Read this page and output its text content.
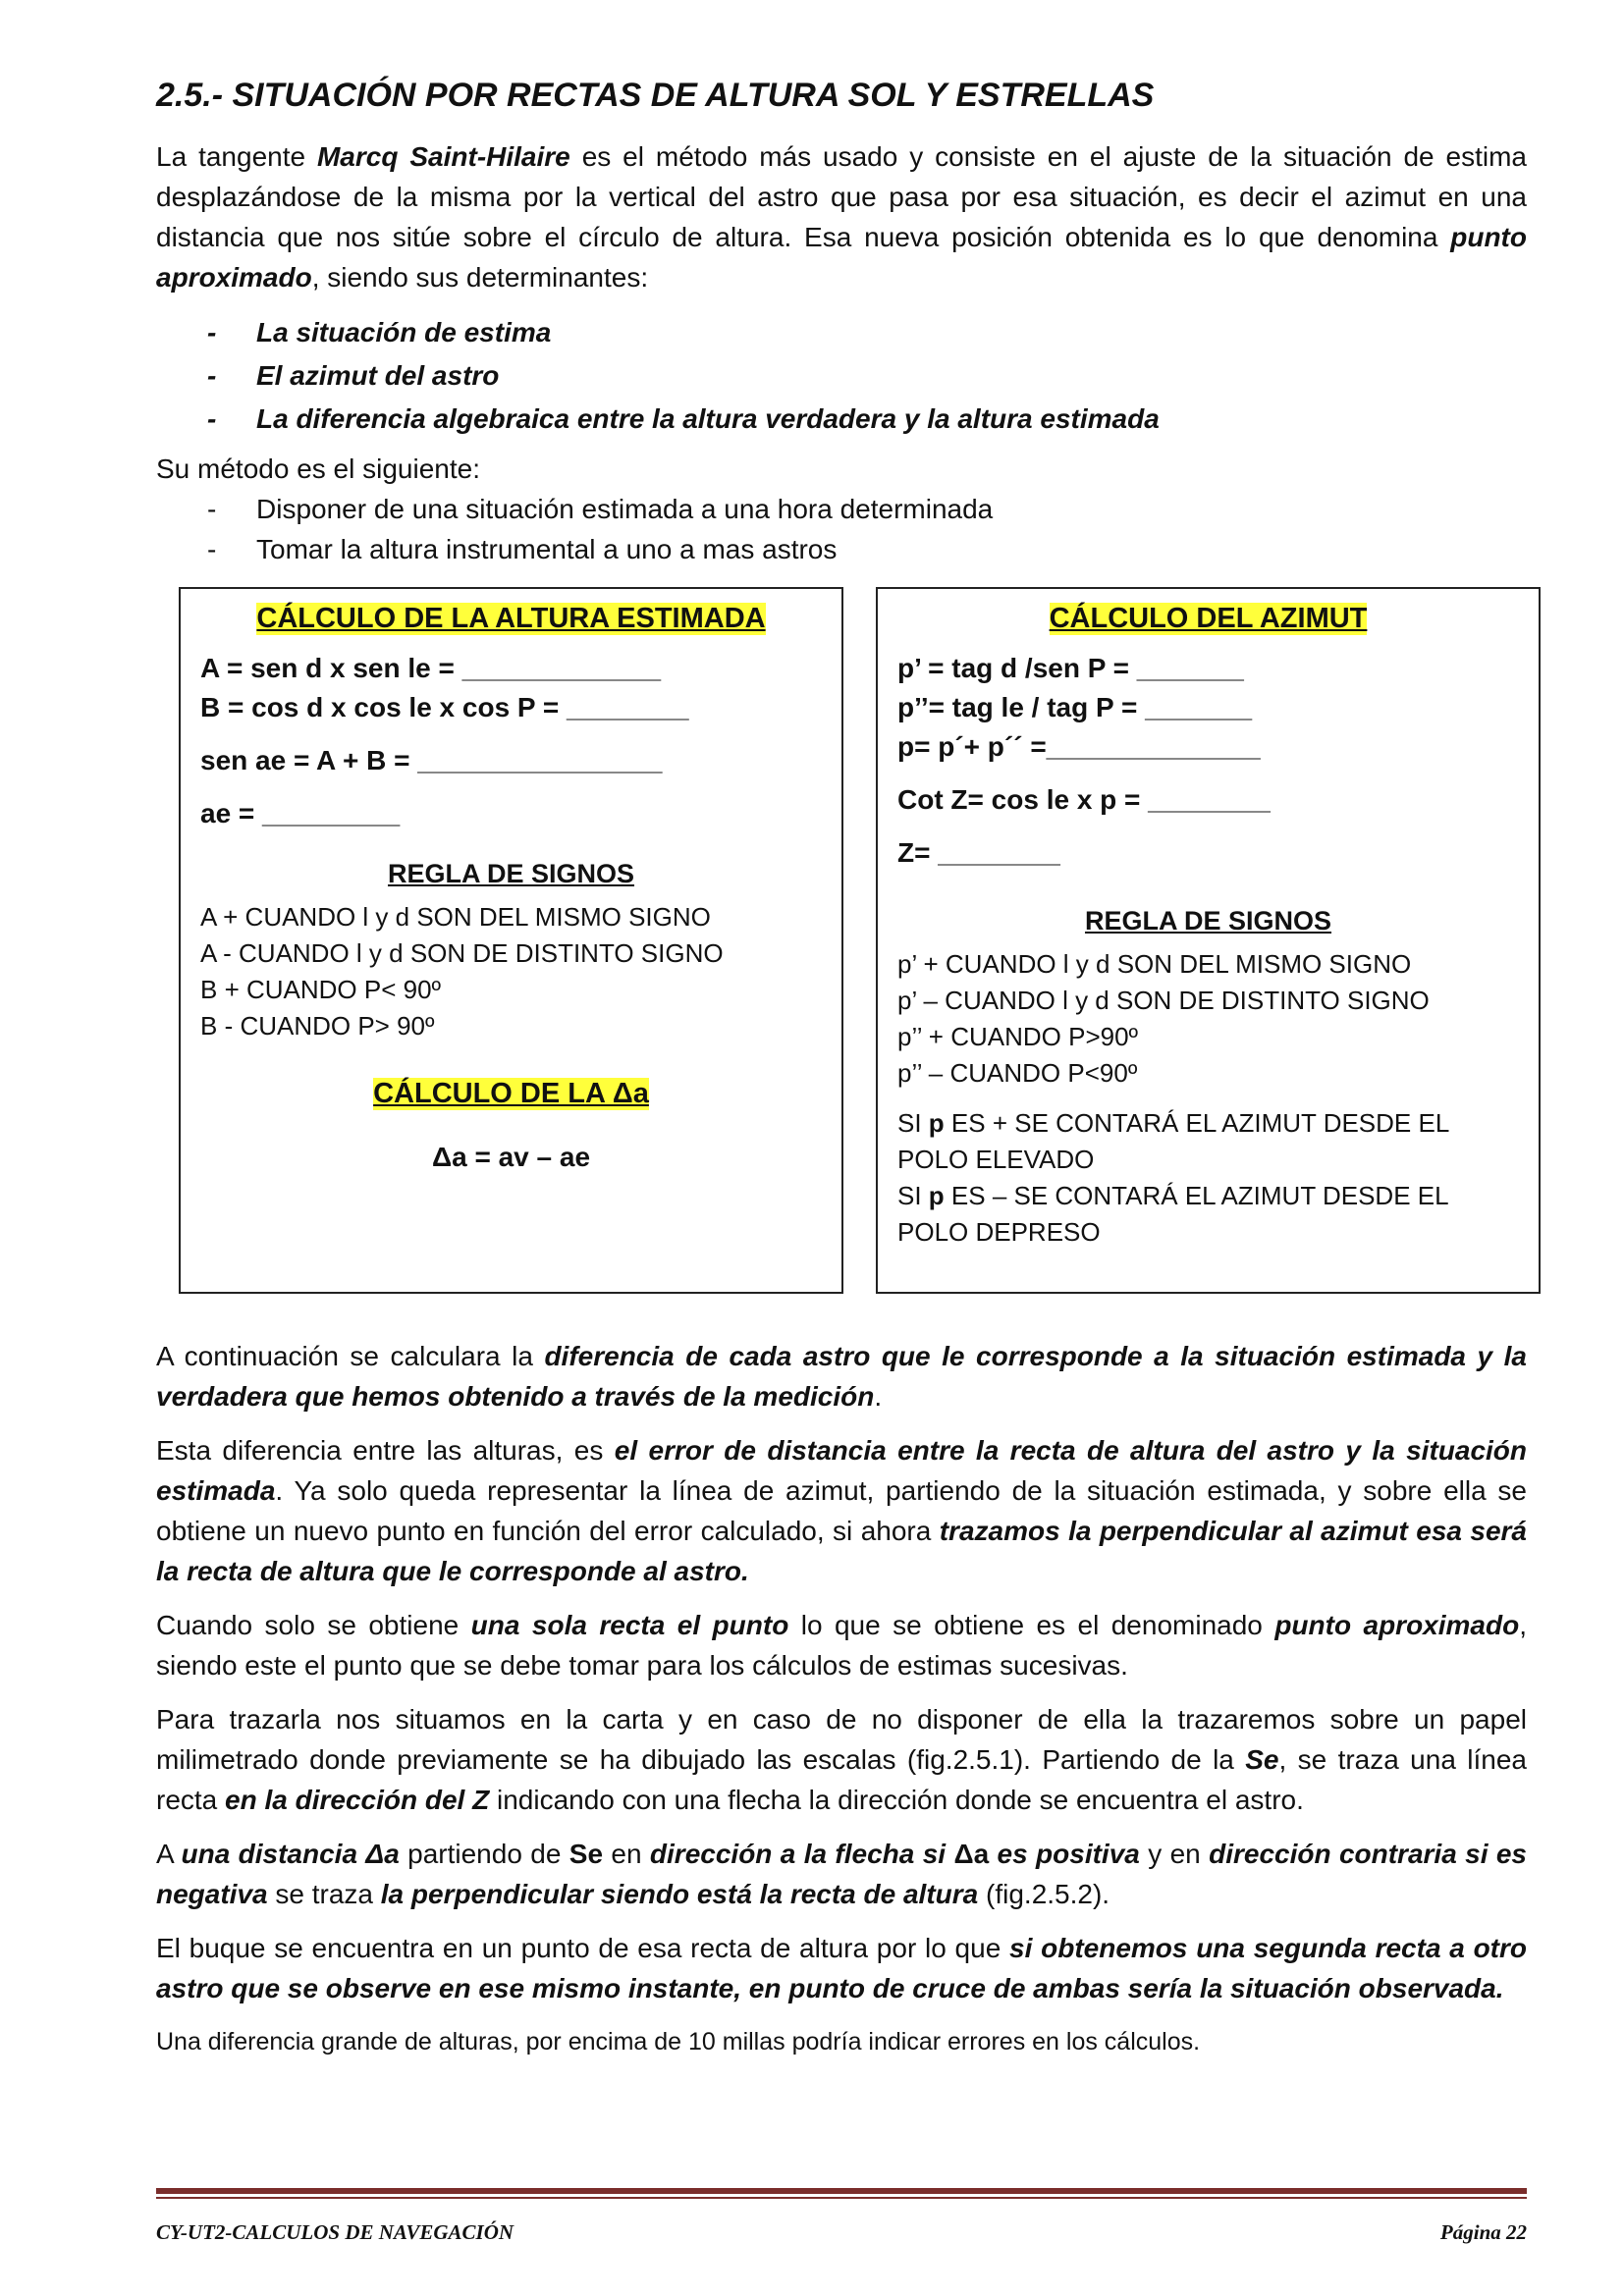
2.5.- SITUACIÓN POR RECTAS DE ALTURA SOL Y ESTRELLAS

La tangente Marcq Saint-Hilaire es el método más usado y consiste en el ajuste de la situación de estima desplazándose de la misma por la vertical del astro que pasa por esa situación, es decir el azimut en una distancia que nos sitúe sobre el círculo de altura. Esa nueva posición obtenida es lo que denomina punto aproximado, siendo sus determinantes:

- La situación de estima
- El azimut del astro
- La diferencia algebraica entre la altura verdadera y la altura estimada

Su método es el siguiente:

- Disponer de una situación estimada a una hora determinada
- Tomar la altura instrumental a uno a mas astros
CÁLCULO DE LA ALTURA ESTIMADA
A = sen d x sen le = _____________
B = cos d x cos le x cos P = ________
sen ae = A + B = ________________
ae = _________
REGLA DE SIGNOS
A + CUANDO l y d SON DEL MISMO SIGNO
A - CUANDO l y d SON DE DISTINTO SIGNO
B + CUANDO P< 90º
B - CUANDO P> 90º
CÁLCULO DE LA Δa
Δa = av – ae
CÁLCULO DEL AZIMUT
p’ = tag d /sen P = _______
p’’= tag le / tag P = _______
p= p´+ p´´ =______________
Cot Z= cos le x p = ________
Z= ________
REGLA DE SIGNOS
p’ + CUANDO l y d SON DEL MISMO SIGNO
p’ – CUANDO l y d SON DE DISTINTO SIGNO
p’’ + CUANDO P>90º
p’’ – CUANDO P<90º
SI p ES + SE CONTARÁ EL AZIMUT DESDE EL POLO ELEVADO
SI p ES – SE CONTARÁ EL AZIMUT DESDE EL POLO DEPRESO

A continuación se calculara la diferencia de cada astro que le corresponde a la situación estimada y la verdadera que hemos obtenido a través de la medición.

Esta diferencia entre las alturas, es el error de distancia entre la recta de altura del astro y la situación estimada. Ya solo queda representar la línea de azimut, partiendo de la situación estimada, y sobre ella se obtiene un nuevo punto en función del error calculado, si ahora trazamos la perpendicular al azimut esa será la recta de altura que le corresponde al astro.

Cuando solo se obtiene una sola recta el punto lo que se obtiene es el denominado punto aproximado, siendo este el punto que se debe tomar para los cálculos de estimas sucesivas.

Para trazarla nos situamos en la carta y en caso de no disponer de ella la trazaremos sobre un papel milimetrado donde previamente se ha dibujado las escalas (fig.2.5.1). Partiendo de la Se, se traza una línea recta en la dirección del Z indicando con una flecha la dirección donde se encuentra el astro.

A una distancia Δa partiendo de Se en dirección a la flecha si Δa es positiva y en dirección contraria si es negativa se traza la perpendicular siendo está la recta de altura (fig.2.5.2).

El buque se encuentra en un punto de esa recta de altura por lo que si obtenemos una segunda recta a otro astro que se observe en ese mismo instante, en punto de cruce de ambas sería la situación observada.

Una diferencia grande de alturas, por encima de 10 millas podría indicar errores en los cálculos.

CY-UT2-CALCULOS DE NAVEGACIÓN	Página 22
